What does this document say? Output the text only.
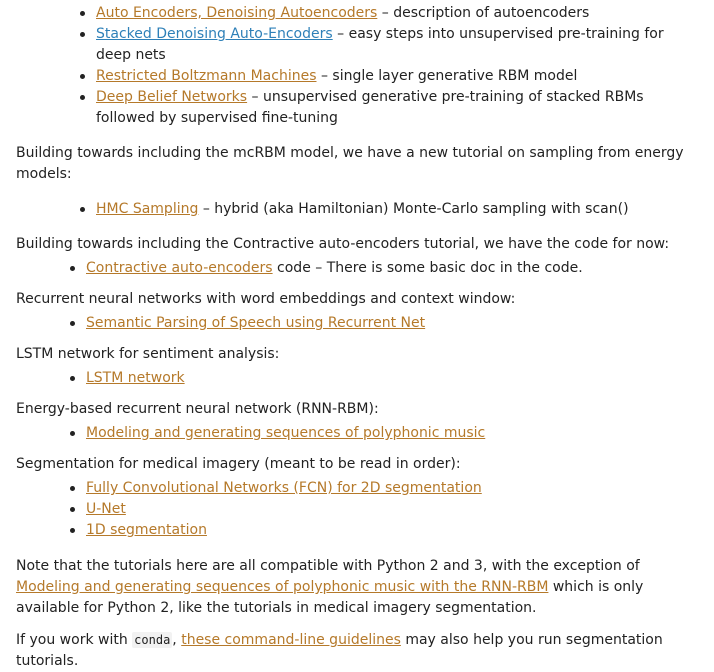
Auto Encoders, Denoising Autoencoders – description of autoencoders
Stacked Denoising Auto-Encoders – easy steps into unsupervised pre-training for deep nets
Restricted Boltzmann Machines – single layer generative RBM model
Deep Belief Networks – unsupervised generative pre-training of stacked RBMs followed by supervised fine-tuning

Building towards including the mcRBM model, we have a new tutorial on sampling from energy models:

HMC Sampling – hybrid (aka Hamiltonian) Monte-Carlo sampling with scan()

Building towards including the Contractive auto-encoders tutorial, we have the code for now:

Contractive auto-encoders code – There is some basic doc in the code.

Recurrent neural networks with word embeddings and context window:

Semantic Parsing of Speech using Recurrent Net

LSTM network for sentiment analysis:

LSTM network

Energy-based recurrent neural network (RNN-RBM):

Modeling and generating sequences of polyphonic music

Segmentation for medical imagery (meant to be read in order):

Fully Convolutional Networks (FCN) for 2D segmentation
U-Net
1D segmentation

Note that the tutorials here are all compatible with Python 2 and 3, with the exception of Modeling and generating sequences of polyphonic music with the RNN-RBM which is only available for Python 2, like the tutorials in medical imagery segmentation.

If you work with conda , these command-line guidelines may also help you run segmentation tutorials.
